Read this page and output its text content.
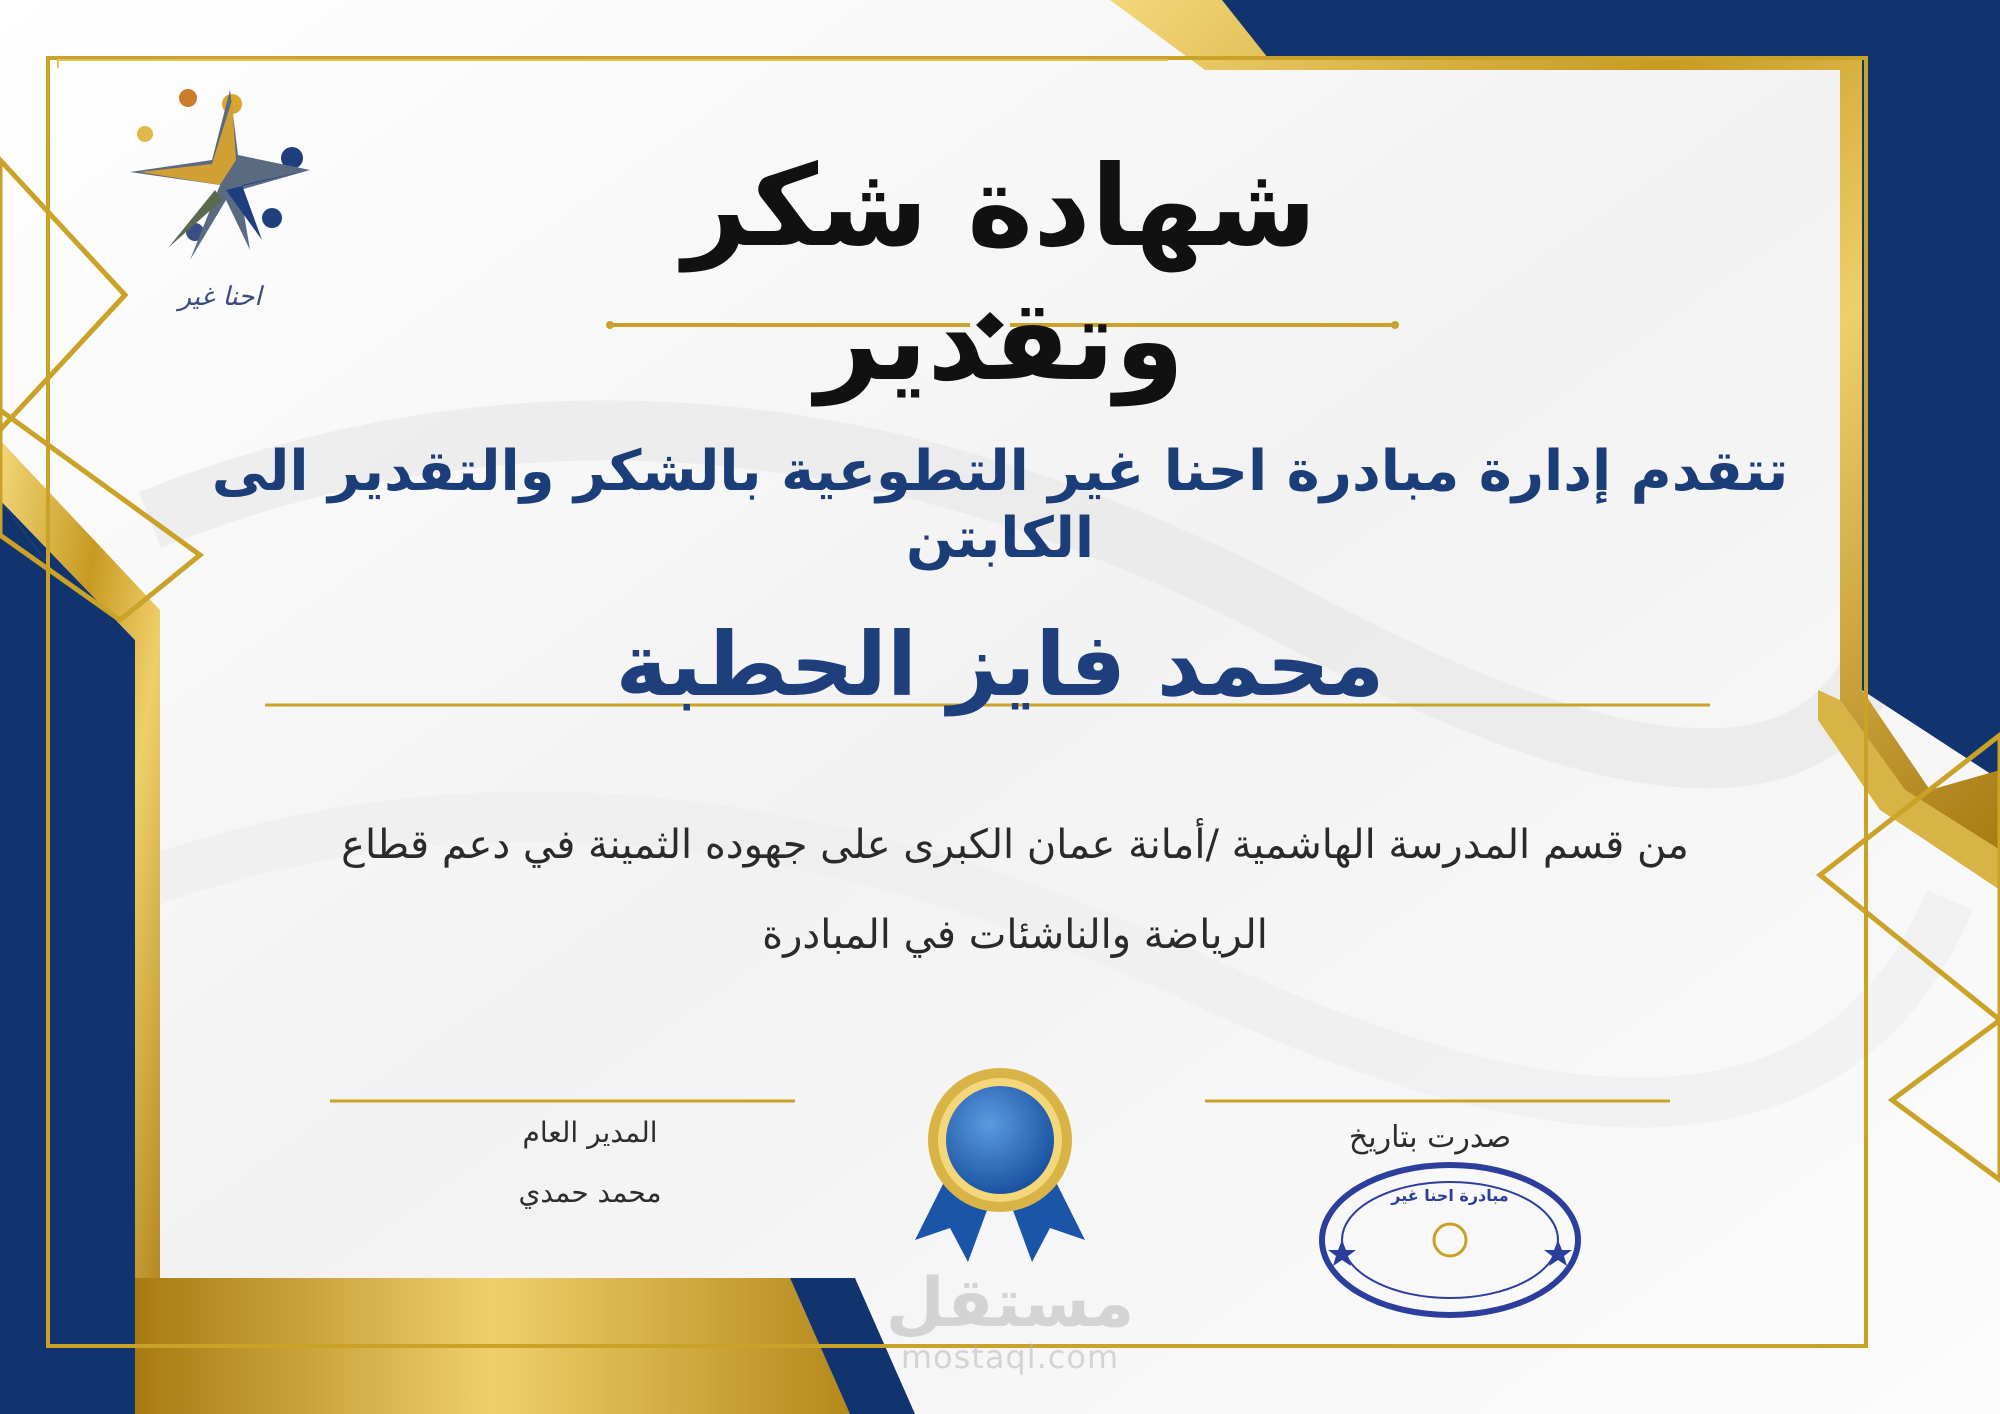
احنا غير
شهادة شكر وتقدير
تتقدم إدارة مبادرة احنا غير التطوعية بالشكر والتقدير الى الكابتن
محمد فايز الحطبة
من قسم المدرسة الهاشمية /أمانة عمان الكبرى على جهوده الثمينة في دعم قطاع
الرياضة والناشئات في المبادرة
المدير العام
محمد حمدي
صدرت بتاريخ
مبادرة احنا غير
مستقل
mostaql.com
